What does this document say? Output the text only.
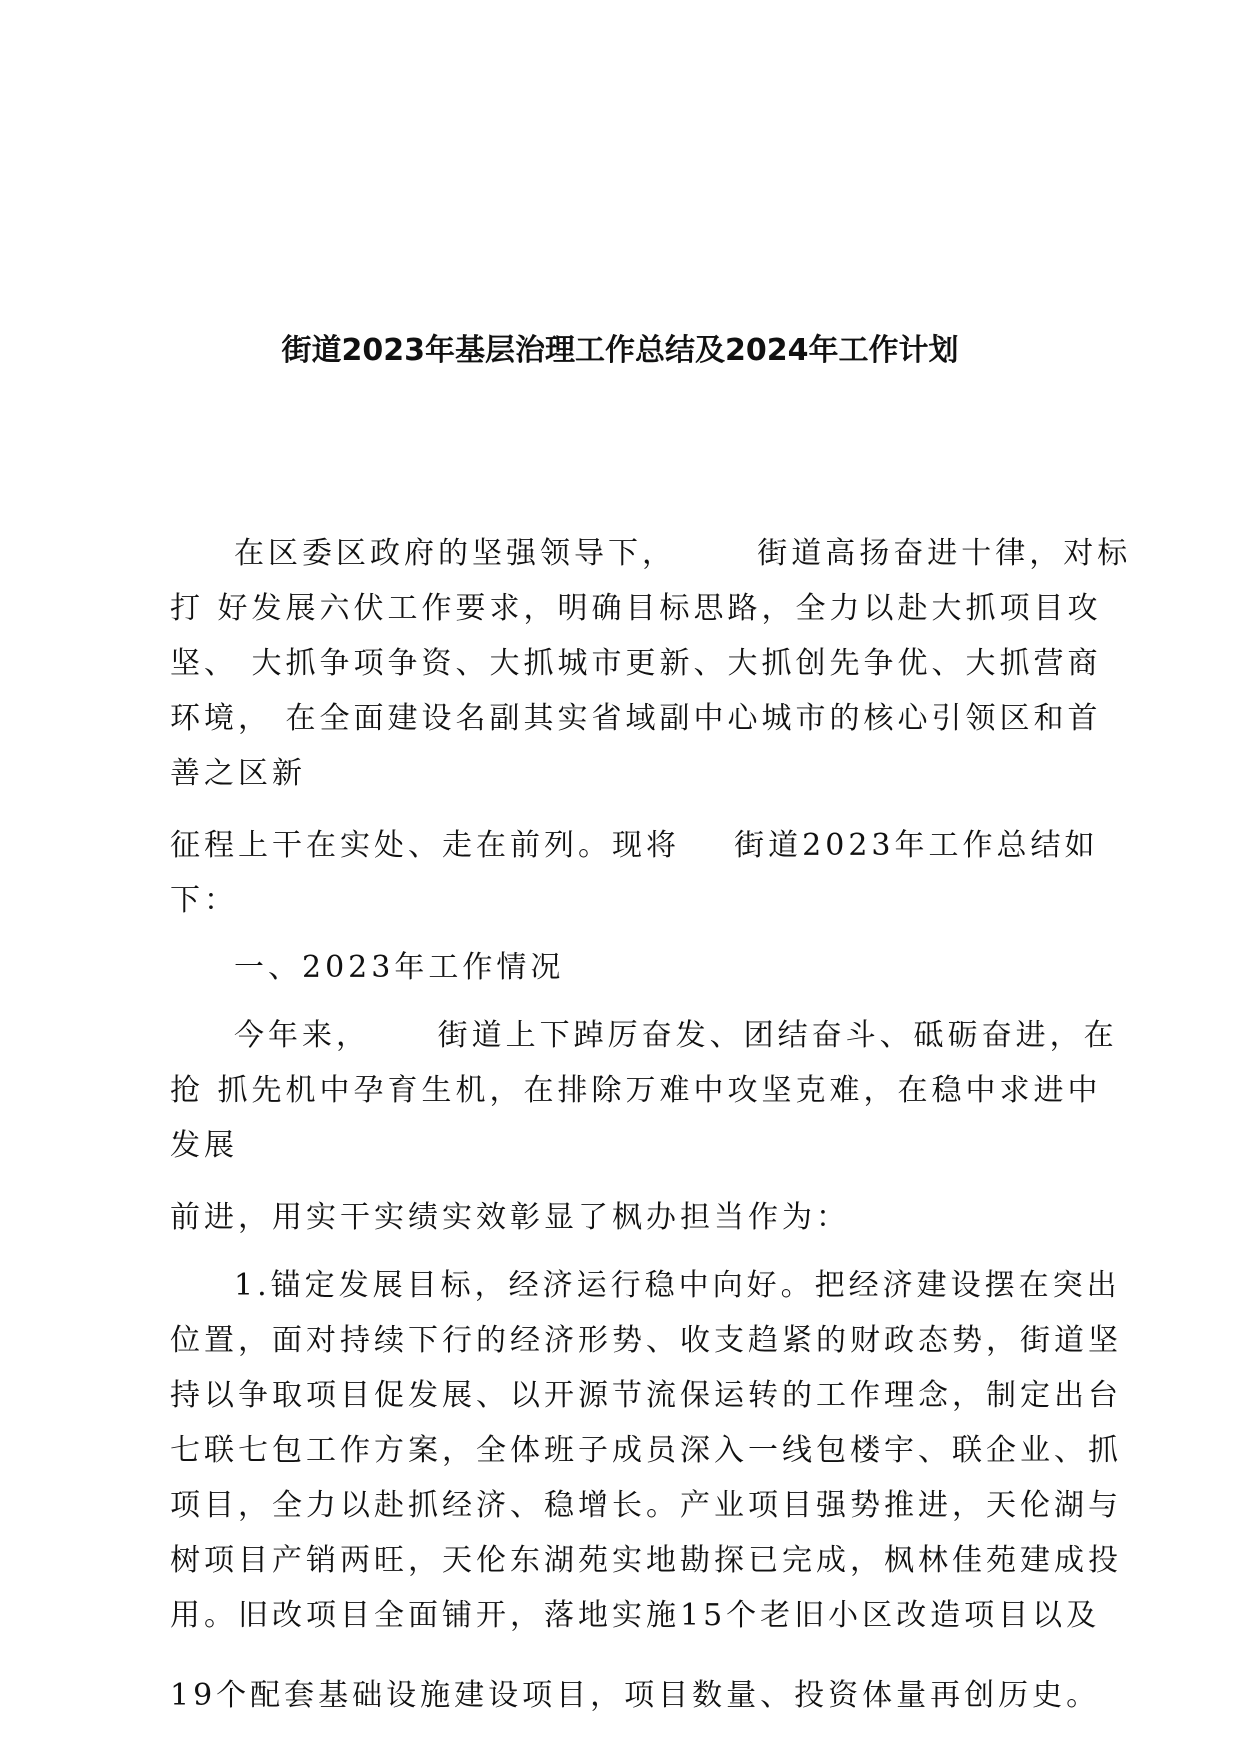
街道2023年基层治理工作总结及2024年工作计划
在区委区政府的坚强领导下，      街道高扬奋进十律，对标
打 好发展六伏工作要求，明确目标思路，全力以赴大抓项目攻
坚、 大抓争项争资、大抓城市更新、大抓创先争优、大抓营商
环境， 在全面建设名副其实省域副中心城市的核心引领区和首
善之区新
征程上干在实处、走在前列。现将    街道2023年工作总结如
下：
一、2023年工作情况
今年来，     街道上下踔厉奋发、团结奋斗、砥砺奋进，在
抢 抓先机中孕育生机，在排除万难中攻坚克难，在稳中求进中
发展
前进，用实干实绩实效彰显了枫办担当作为：
1.锚定发展目标，经济运行稳中向好。把经济建设摆在突出
位置，面对持续下行的经济形势、收支趋紧的财政态势，街道坚
持以争取项目促发展、以开源节流保运转的工作理念，制定出台
七联七包工作方案，全体班子成员深入一线包楼宇、联企业、抓
项目，全力以赴抓经济、稳增长。产业项目强势推进，天伦湖与
树项目产销两旺，天伦东湖苑实地勘探已完成，枫林佳苑建成投
用。旧改项目全面铺开，落地实施15个老旧小区改造项目以及
19个配套基础设施建设项目，项目数量、投资体量再创历史。
